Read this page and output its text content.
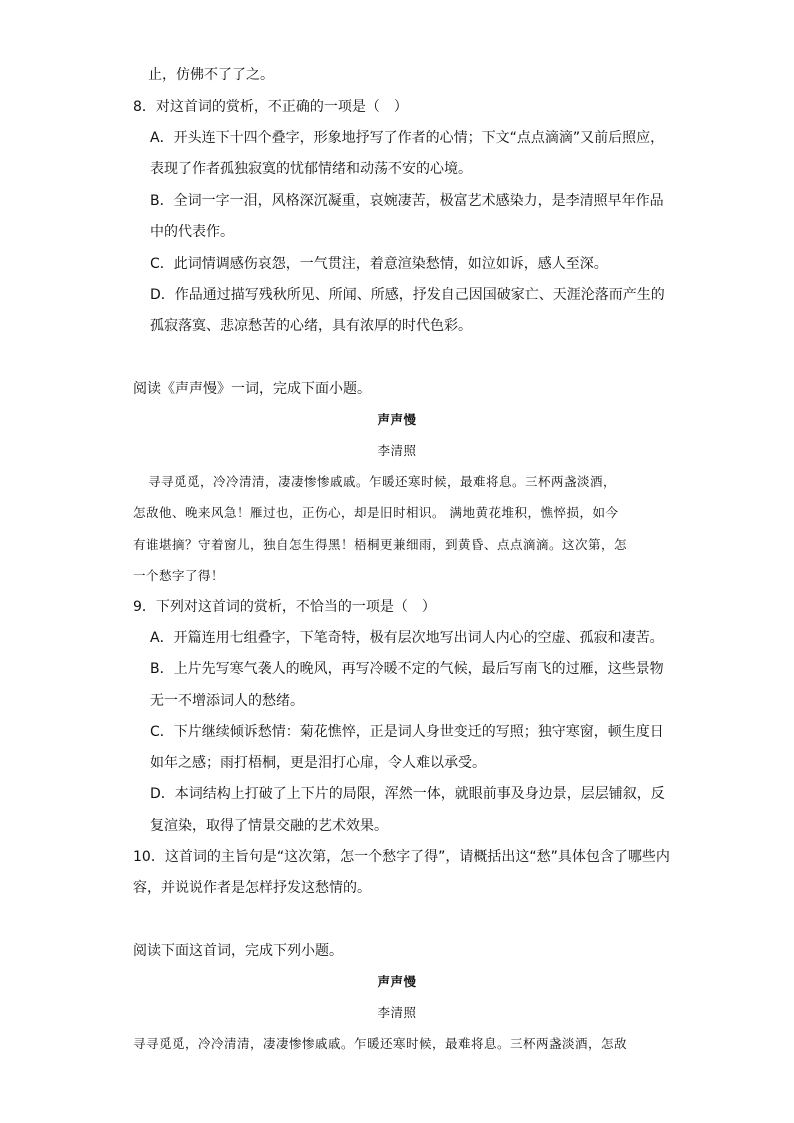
止，仿佛不了了之。
8．对这首词的赏析，不正确的一项是（　）
A．开头连下十四个叠字，形象地抒写了作者的心情；下文“点点滴滴”又前后照应，
表现了作者孤独寂寞的忧郁情绪和动荡不安的心境。
B．全词一字一泪，风格深沉凝重，哀婉凄苦，极富艺术感染力，是李清照早年作品
中的代表作。
C．此词情调感伤哀怨，一气贯注，着意渲染愁情，如泣如诉，感人至深。
D．作品通过描写残秋所见、所闻、所感，抒发自己因国破家亡、天涯沦落而产生的
孤寂落寞、悲凉愁苦的心绪，具有浓厚的时代色彩。
阅读《声声慢》一词，完成下面小题。
声声慢
李清照
寻寻觅觅，冷冷清清，凄凄惨惨戚戚。乍暖还寒时候，最难将息。三杯两盏淡酒，
怎敌他、晚来风急！雁过也，正伤心，却是旧时相识。 满地黄花堆积，憔悴损，如今
有谁堪摘？守着窗儿，独自怎生得黑！梧桐更兼细雨，到黄昏、点点滴滴。这次第，怎
一个愁字了得！
9．下列对这首词的赏析，不恰当的一项是（　）
A．开篇连用七组叠字，下笔奇特，极有层次地写出词人内心的空虚、孤寂和凄苦。
B．上片先写寒气袭人的晚风，再写冷暖不定的气候，最后写南飞的过雁，这些景物
无一不增添词人的愁绪。
C．下片继续倾诉愁情：菊花憔悴，正是词人身世变迁的写照；独守寒窗，顿生度日
如年之感；雨打梧桐，更是泪打心扉，令人难以承受。
D．本词结构上打破了上下片的局限，浑然一体，就眼前事及身边景，层层铺叙，反
复渲染，取得了情景交融的艺术效果。
10．这首词的主旨句是“这次第，怎一个愁字了得”，请概括出这“愁”具体包含了哪些内
容，并说说作者是怎样抒发这愁情的。
阅读下面这首词，完成下列小题。
声声慢
李清照
寻寻觅觅，冷冷清清，凄凄惨惨戚戚。乍暖还寒时候，最难将息。三杯两盏淡酒，怎敌
